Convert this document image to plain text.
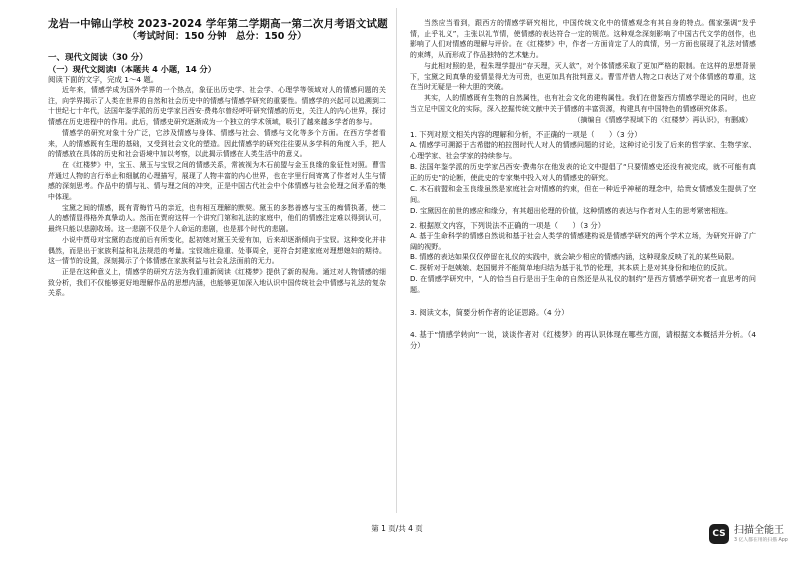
龙岩一中锦山学校 2023-2024 学年第二学期高一第二次月考语文试题
（考试时间：150 分钟　总分：150 分）
一、现代文阅读（30 分）
（一）现代文阅读Ⅰ（本题共 4 小题，14 分）
阅读下面的文字，完成 1～4 题。

近年来，情感学成为国外学界的一个热点，象征出历史学、社会学、心理学等领域对人的情感问题的关注，向学界揭示了人类在世界的自然和社会历史中的情感与情感学研究的重要性。情感学的兴起可以追溯到二十世纪七十年代，法国年鉴学派的历史学家吕西安·费弗尔曾经呼吁研究情感的历史，关注人的内心世界，探讨情感在历史进程中的作用。此后，情感史研究逐渐成为一个独立的学术领域，吸引了越来越多学者的参与。

情感学的研究对象十分广泛，它涉及情感与身体、情感与社会、情感与文化等多个方面。在西方学者看来，人的情感既有生理的基础，又受到社会文化的塑造。因此情感学的研究往往要从多学科的角度入手，把人的情感放在具体的历史和社会语境中加以考察，以此揭示情感在人类生活中的意义。

在《红楼梦》中，宝玉、黛玉与宝钗之间的情感关系，常被视为木石前盟与金玉良缘的象征性对照。曹雪芹通过人物的言行举止和细腻的心理描写，展现了人物丰富的内心世界，也在字里行间寄寓了作者对人生与情感的深刻思考。作品中的情与礼、情与理之间的冲突，正是中国古代社会中个体情感与社会伦理之间矛盾的集中体现。

宝黛之间的情感，既有青梅竹马的亲近，也有相互理解的默契。黛玉的多愁善感与宝玉的痴情执著，使二人的感情显得格外真挚动人。然而在贾府这样一个讲究门第和礼法的家庭中，他们的情感注定难以得到认可，最终只能以悲剧收场。这一悲剧不仅是个人命运的悲剧，也是那个时代的悲剧。

小说中贾母对宝黛的态度前后有所变化，起初她对黛玉关爱有加，后来却逐渐倾向于宝钗。这种变化并非偶然，而是出于家族利益和礼法规范的考量。宝钗端庄稳重、处事周全，更符合封建家庭对理想媳妇的期待。这一情节的设置，深刻揭示了个体情感在家族利益与社会礼法面前的无力。

正是在这种意义上，情感学的研究方法为我们重新阅读《红楼梦》提供了新的视角。通过对人物情感的细致分析，我们不仅能够更好地理解作品的思想内涵，也能够更加深入地认识中国传统社会中情感与礼法的复杂关系。

当然应当看到，跟西方的情感学研究相比，中国传统文化中的情感观念有其自身的特点。儒家强调“发乎情，止乎礼义”，主张以礼节情，使情感的表达符合一定的规范。这种观念深刻影响了中国古代文学的创作，也影响了人们对情感的理解与评价。在《红楼梦》中，作者一方面肯定了人的真情，另一方面也展现了礼法对情感的束缚，从而形成了作品独特的艺术魅力。

与此相对照的是，程朱理学提出“存天理，灭人欲”，对个体情感采取了更加严格的限制。在这样的思想背景下，宝黛之间真挚的爱情显得尤为可贵，也更加具有批判意义。曹雪芹借人物之口表达了对个体情感的尊重，这在当时无疑是一种大胆的突破。

其实，人的情感既有生物的自然属性，也有社会文化的建构属性。我们在借鉴西方情感学理论的同时，也应当立足中国文化的实际，深入挖掘传统文献中关于情感的丰富资源，构建具有中国特色的情感研究体系。

（摘编自《情感学视域下的〈红楼梦〉再认识》，有删减）
1. 下列对原文相关内容的理解和分析，不正确的一项是（　　）（3 分）
A. 情感学可溯源于古希腊的柏拉图时代人对人的情感问题的讨论，这种讨论引发了后来的哲学家、生物学家、心理学家、社会学家的持续参与。
B. 法国年鉴学派的历史学家吕西安·费弗尔在他发表的论文中提倡了“只要情感史还没有被完成，就不可能有真正的历史”的论断，使此史的专家集中投入对人的情感史的研究。
C. 木石前盟和金玉良缘虽然是家庭社会对情感的约束，但在一种近乎神秘的理念中，给贵女情感发生提供了空间。
D. 宝黛因在前世的感应和缘分，有其超出伦理的价值，这种情感的表达与作者对人生的思考紧密相连。
2. 根据原文内容，下列说法不正确的一项是（　　）（3 分）
A. 基于生命科学的情感自然说和基于社会人类学的情感建构说是情感学研究的两个学术立场，为研究开辟了广阔的视野。
B. 情感的表达如果仅仅停留在礼仪的实践中，就会缺少相应的情感内涵，这种现象反映了礼的某些局限。
C. 探析对于赵姨娘、赵国舅并不能简单地归结为基于礼节的伦理，其本质上是对其身份和地位的反抗。
D. 在情感学研究中，“人的恰当自行是出于生命的自然还是从礼仪的制约”是西方情感学研究者一直思考的问题。
3. 阅读文本，简要分析作者的论证思路。（4 分）
4. 基于“情感学转向”一说，谈谈作者对《红楼梦》的再认识体现在哪些方面，请根据文本概括并分析。（4 分）
第 1 页/共 4 页
CS 扫描全能王
3 亿人都在用的扫描 App
